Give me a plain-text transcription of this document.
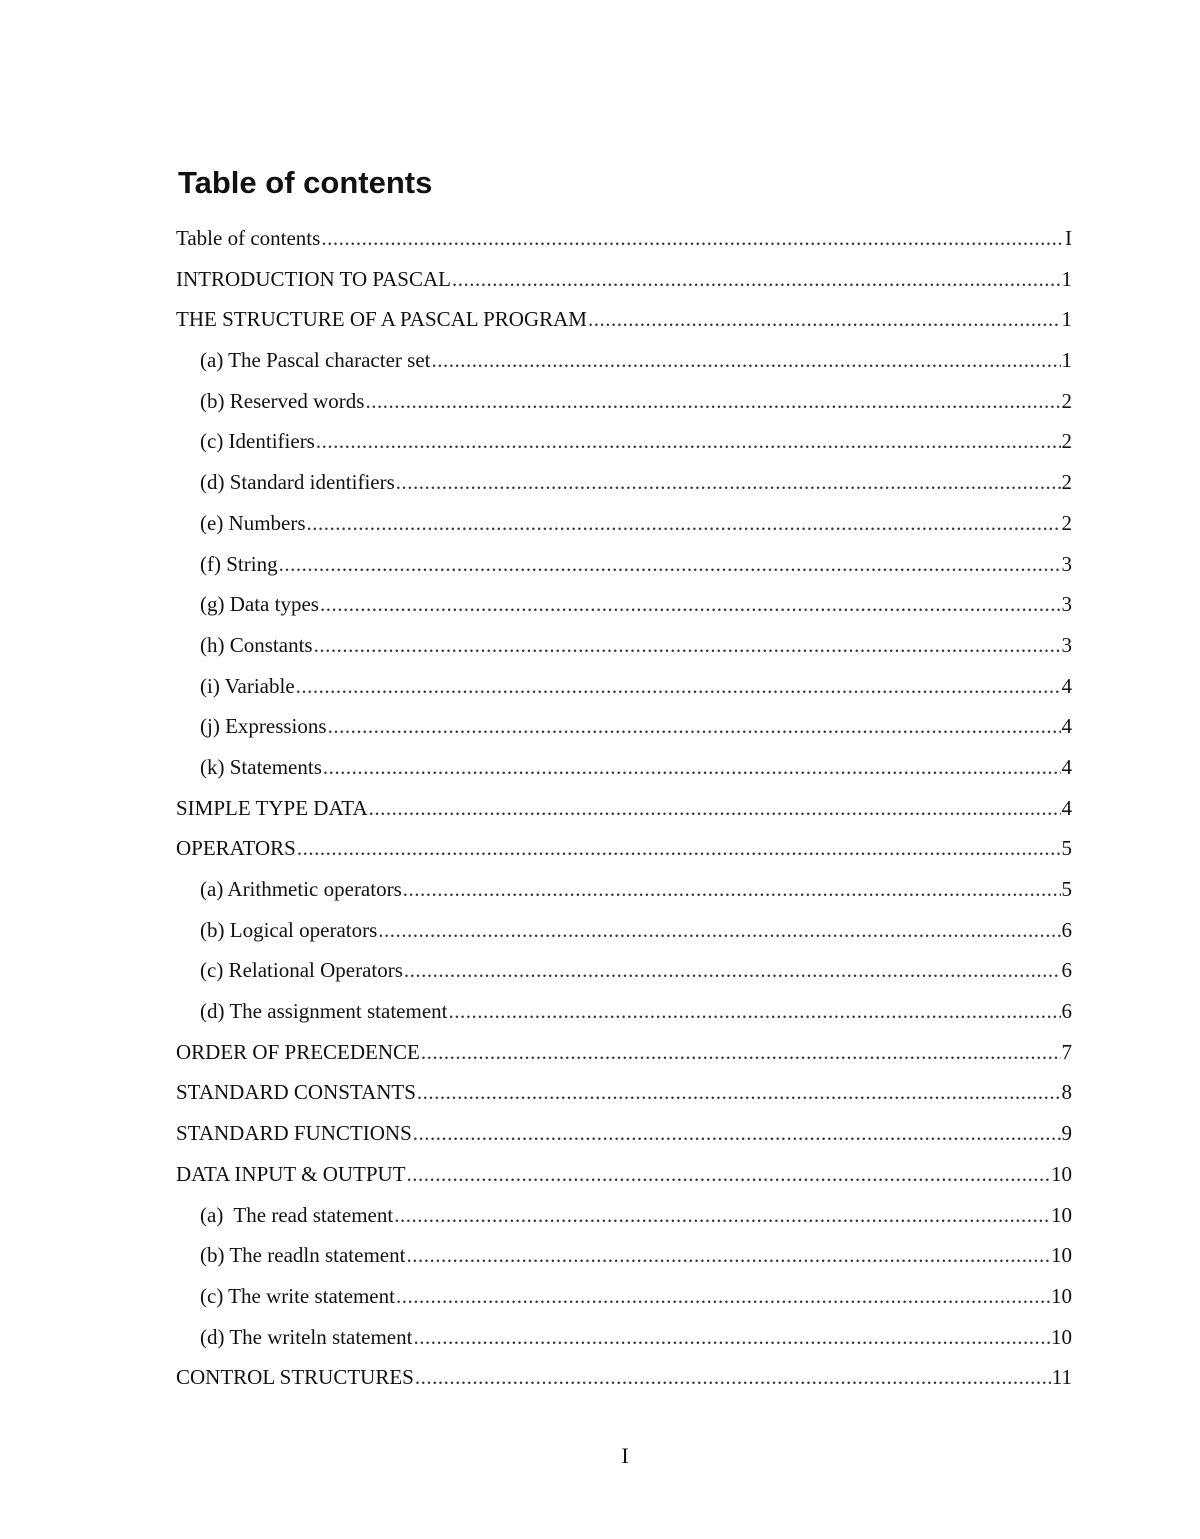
Table of contents
Table of contents .....	I
INTRODUCTION TO PASCAL .....	1
THE STRUCTURE OF A PASCAL PROGRAM .....	1
(a) The Pascal character set .....	1
(b) Reserved words .....	2
(c) Identifiers .....	2
(d) Standard identifiers .....	2
(e) Numbers .....	2
(f) String .....	3
(g) Data types .....	3
(h) Constants .....	3
(i) Variable .....	4
(j) Expressions .....	4
(k) Statements .....	4
SIMPLE TYPE DATA .....	4
OPERATORS .....	5
(a) Arithmetic operators .....	5
(b) Logical operators .....	6
(c) Relational Operators .....	6
(d) The assignment statement .....	6
ORDER OF PRECEDENCE .....	7
STANDARD CONSTANTS .....	8
STANDARD FUNCTIONS .....	9
DATA INPUT & OUTPUT .....	10
(a)  The read statement .....	10
(b) The readln statement .....	10
(c) The write statement .....	10
(d) The writeln statement .....	10
CONTROL STRUCTURES .....	11
I
